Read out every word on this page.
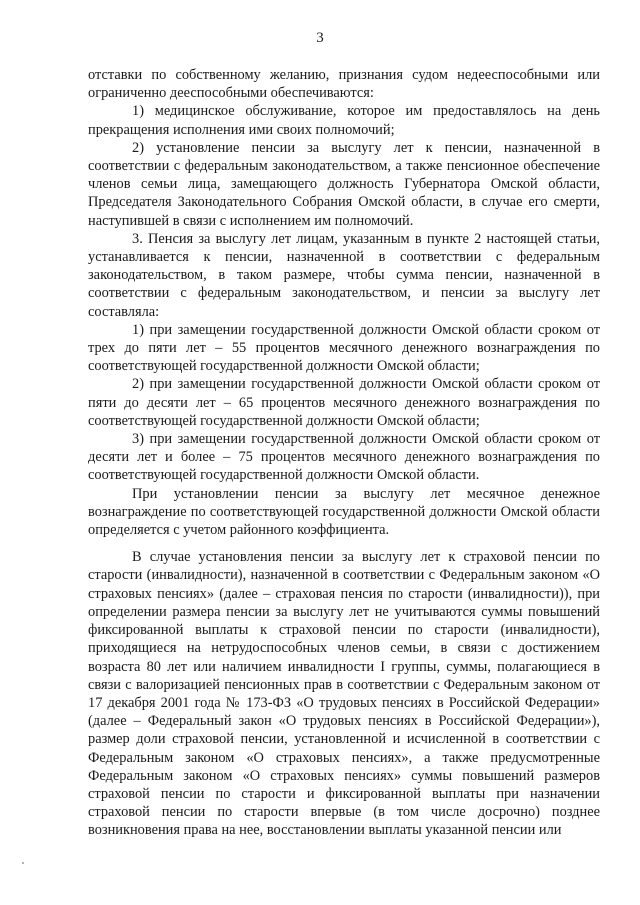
3

отставки по собственному желанию, признания судом недееспособными или ограниченно дееспособными обеспечиваются:

1) медицинское обслуживание, которое им предоставлялось на день прекращения исполнения ими своих полномочий;

2) установление пенсии за выслугу лет к пенсии, назначенной в соответствии с федеральным законодательством, а также пенсионное обеспечение членов семьи лица, замещающего должность Губернатора Омской области, Председателя Законодательного Собрания Омской области, в случае его смерти, наступившей в связи с исполнением им полномочий.

3. Пенсия за выслугу лет лицам, указанным в пункте 2 настоящей статьи, устанавливается к пенсии, назначенной в соответствии с федеральным законодательством, в таком размере, чтобы сумма пенсии, назначенной в соответствии с федеральным законодательством, и пенсии за выслугу лет составляла:

1) при замещении государственной должности Омской области сроком от трех до пяти лет – 55 процентов месячного денежного вознаграждения по соответствующей государственной должности Омской области;

2) при замещении государственной должности Омской области сроком от пяти до десяти лет – 65 процентов месячного денежного вознаграждения по соответствующей государственной должности Омской области;

3) при замещении государственной должности Омской области сроком от десяти лет и более – 75 процентов месячного денежного вознаграждения по соответствующей государственной должности Омской области.

При установлении пенсии за выслугу лет месячное денежное вознаграждение по соответствующей государственной должности Омской области определяется с учетом районного коэффициента.

В случае установления пенсии за выслугу лет к страховой пенсии по старости (инвалидности), назначенной в соответствии с Федеральным законом «О страховых пенсиях» (далее – страховая пенсия по старости (инвалидности)), при определении размера пенсии за выслугу лет не учитываются суммы повышений фиксированной выплаты к страховой пенсии по старости (инвалидности), приходящиеся на нетрудоспособных членов семьи, в связи с достижением возраста 80 лет или наличием инвалидности I группы, суммы, полагающиеся в связи с валоризацией пенсионных прав в соответствии с Федеральным законом от 17 декабря 2001 года № 173-ФЗ «О трудовых пенсиях в Российской Федерации» (далее – Федеральный закон «О трудовых пенсиях в Российской Федерации»), размер доли страховой пенсии, установленной и исчисленной в соответствии с Федеральным законом «О страховых пенсиях», а также предусмотренные Федеральным законом «О страховых пенсиях» суммы повышений размеров страховой пенсии по старости и фиксированной выплаты при назначении страховой пенсии по старости впервые (в том числе досрочно) позднее возникновения права на нее, восстановлении выплаты указанной пенсии или
